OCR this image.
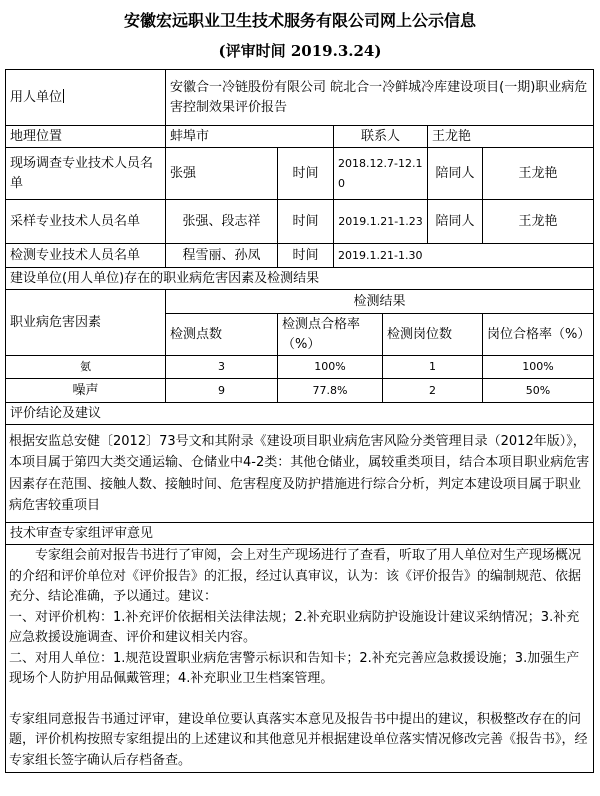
安徽宏远职业卫生技术服务有限公司网上公示信息
(评审时间 2019.3.24)
用人单位	安徽合一冷链股份有限公司 皖北合一冷鲜城冷库建设项目(一期)职业病危害控制效果评价报告					
地理位置	蚌埠市		联系人		王龙艳	
现场调查专业技术人员名单	张强	时间	2018.12.7-12.10		陪同人	王龙艳
采样专业技术人员名单	张强、段志祥	时间	2019.1.21-1.23		陪同人	王龙艳
检测专业技术人员名单	程雪丽、孙凤	时间	2019.1.21-1.30			
建设单位(用人单位)存在的职业病危害因素及检测结果						
职业病危害因素	检测结果					
	检测点数	检测点合格率（%）		检测岗位数		岗位合格率（%）
氨	3	100%		1		100%
噪声	9	77.8%		2		50%
评价结论及建议						

根据安监总安健〔2012〕73号文和其附录《建设项目职业病危害风险分类管理目录（2012年版）》，本项目属于第四大类交通运输、仓储业中4-2类：其他仓储业，属较重类项目，结合本项目职业病危害因素存在范围、接触人数、接触时间、危害程度及防护措施进行综合分析，判定本建设项目属于职业病危害较重项目						

技术审查专家组评审意见						

专家组会前对报告书进行了审阅，会上对生产现场进行了查看，听取了用人单位对生产现场概况的介绍和评价单位对《评价报告》的汇报，经过认真审议，认为：该《评价报告》的编制规范、依据充分、结论准确，予以通过。建议：

一、对评价机构：1.补充评价依据相关法律法规；2.补充职业病防护设施设计建议采纳情况；3.补充应急救援设施调查、评价和建议相关内容。

二、对用人单位：1.规范设置职业病危害警示标识和告知卡；2.补充完善应急救援设施；3.加强生产现场个人防护用品佩戴管理；4.补充职业卫生档案管理。

专家组同意报告书通过评审，建设单位要认真落实本意见及报告书中提出的建议，积极整改存在的问题，评价机构按照专家组提出的上述建议和其他意见并根据建设单位落实情况修改完善《报告书》，经专家组长签字确认后存档备查。						
